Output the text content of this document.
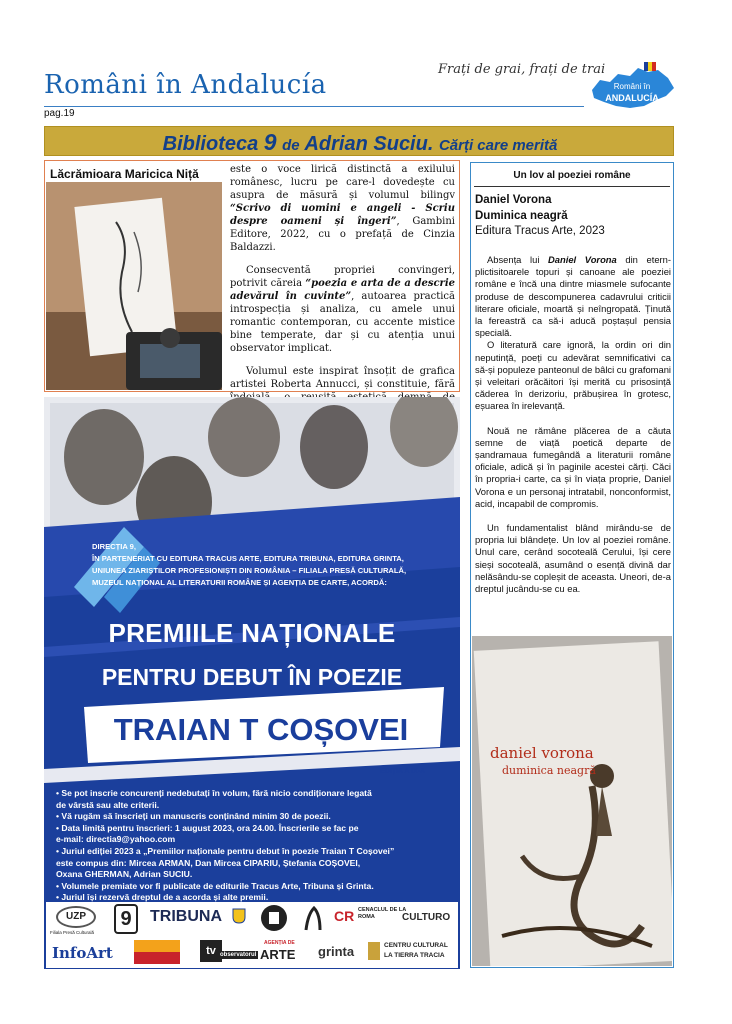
Români în Andalucía
pag.19
Frați de grai, frați de trai
Români în
ANDALUCÍA
Biblioteca 9 de Adrian Suciu. Cărți care merită
Lăcrămioara Maricica Niță	este o voce lirică distinctă a exilului românesc, lucru pe care-l dovedește cu asupra de măsură și volumul bilingv “Scrivo di uomini e angeli - Scriu despre oameni și îngeri”, Gambini Editore, 2022, cu o prefață de Cinzia Baldazzi.

Consecventă propriei convingeri, potrivit căreia “poezia e arta de a descrie adevărul în cuvinte”, autoarea practică introspecția și analiza, cu amele unui romantic contemporan, cu accente mistice bine temperate, dar și cu atenția unui observator implicat.

Volumul este inspirat însoțit de grafica artistei Roberta Annucci, și constituie, fără

Un lov al poeziei române
Daniel Vorona
Duminica neagră
Editura Tracus Arte, 2023

Absența lui Daniel Vorona din etern-plictisitoarele topuri și canoane ale poeziei române e încă una dintre miasmele sufocante produse de descompunerea cadavrului criticii literare oficiale, moartă și neîngropată. Ținută la fereastră ca să-i aducă poștașul pensia specială.

O literatură care ignoră, la ordin ori din neputință, poeți cu adevărat semnificativi ca să-și populeze panteonul de bâlci cu grafomani și veleitari orăcăitori își merită cu prisosință căderea în derizoriu, prăbușirea în grotesc, eșuarea în irelevanță.

Nouă ne rămâne plăcerea de a căuta semne de viață poetică departe de șandramaua fumegândă a literaturii române oficiale, adică și în paginile acestei cărți. Căci în propria-i carte, ca și în viața proprie, Daniel Vorona e un personaj intratabil, nonconformist, acid, incapabil de compromis.

Un fundamentalist blând mirându-se de propria lui blândețe. Un lov al poeziei române. Unul care, cerând socoteală Cerului, își cere sieși socoteală, asumând o esență divină dar nelăsându-se copleșit de aceasta. Uneori, de-a dreptul jucându-se cu ea.

daniel vorona
duminica neagră
DIRECȚIA 9,
ÎN PARTENERIAT CU EDITURA TRACUS ARTE, EDITURA TRIBUNA, EDITURA GRINTA,
UNIUNEA ZIARIȘTILOR PROFESIONIȘTI DIN ROMÂNIA – FILIALA PRESĂ CULTURALĂ,
MUZEUL NAȚIONAL AL LITERATURII ROMÂNE ȘI AGENȚIA DE CARTE, ACORDĂ:
PREMIILE NAȚIONALE
PENTRU DEBUT ÎN POEZIE
TRAIAN T COȘOVEI
EDIȚIA A IX-A
• Se pot inscrie concurenți nedebutați în volum, fără nicio condiționare legată
de vârstă sau alte criterii.
• Vă rugăm să înscrieți un manuscris conținând minim 30 de poezii.
• Data limită pentru înscrieri: 1 august 2023, ora 24.00. Înscrierile se fac pe
e-mail: directia9@yahoo.com
• Juriul ediției 2023 a „Premiilor naționale pentru debut în poezie Traian T Coșovei”
este compus din: Mircea ARMAN, Dan Mircea CIPARIU, Ștefania COȘOVEI,
Oxana GHERMAN, Adrian SUCIU.
• Volumele premiate vor fi publicate de editurile Tracus Arte, Tribuna și Grinta.
• Juriul își rezervă dreptul de a acorda și alte premii.
UZP
Filiala Presă Culturală
9	TRIBUNA	CR CENACLUL DE LA ROMA	CULTURO
InfoArt	tv observatorul
AGENȚIA DE
ARTE grinta	CENTRU CULTURAL
LA TIERRA TRACIA
